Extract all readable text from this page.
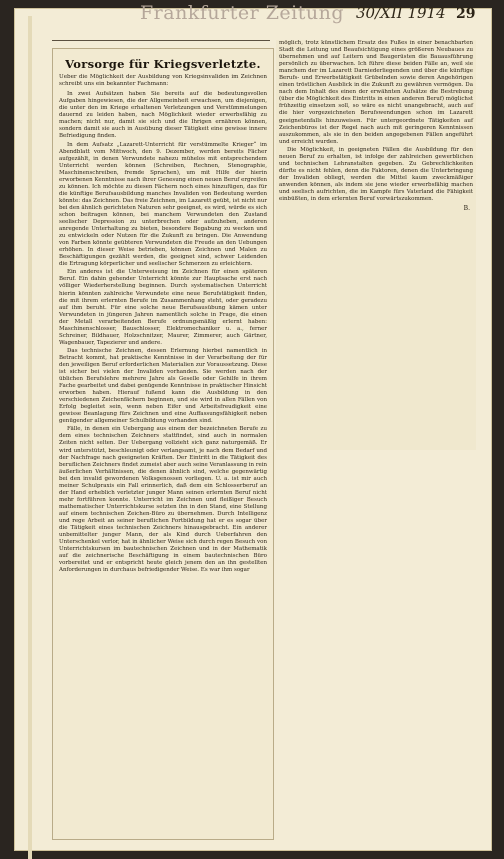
Frankfurter Zeitung 30/XII 1914 29
Vorsorge für Kriegsverletzte.
Ueber die Möglichkeit der Ausbildung von Kriegsinvaliden im Zeichnen schreibt uns ein bekannter Fachmann:

In zwei Aufsätzen haben Sie bereits auf die bedeutungsvollen Aufgaben hingewiesen, die der Allgemeinheit erwachsen, um diejenigen, die unter den im Kriege erhaltenen Verletzungen und Verstümmelungen dauernd zu leiden haben, nach Möglichkeit wieder erwerbsfähig zu machen; nicht nur, damit sie sich und die Ihrigen ernähren können, sondern damit sie auch in Ausübung dieser Tätigkeit eine gewisse innere Befriedigung finden.

In dem Aufsatz „Lazarett-Unterricht für verstümmelte Krieger“ im Abendblatt vom Mittwoch, den 9. Dezember, werden bereits Fächer aufgezählt, in denen Verwundete nahezu mühelos mit entsprechendem Unterricht werden können (Schreiben, Rechnen, Stenographie, Maschinenschreiben, fremde Sprachen), um mit Hilfe der hierin erworbenen Kenntnisse nach ihrer Genesung einen neuen Beruf ergreifen zu können. Ich möchte zu diesen Fächern noch eines hinzufügen, das für die künftige Berufsausbildung manches Invaliden von Bedeutung werden könnte: das Zeichnen. Das freie Zeichnen, im Lazarett geübt, ist nicht nur bei den ähnlich gerichteten Naturen sehr geeignet, es wird, würde es sich schon beitragen können, bei manchem Verwundeten den Zustand seelischer Depression zu unterbrechen oder aufzuheben, anderen anregende Unterhaltung zu bieten, besondere Begabung zu wecken und zu entwickeln oder Nutzen für die Zukunft zu bringen. Die Anwendung von Farben könnte geübteren Verwundeten die Freude an den Uebungen erhöhen. In dieser Weise betrieben, können Zeichnen und Malen zu Beschäftigungen gezählt werden, die geeignet sind, schwer Leidenden die Ertragung körperlicher und seelischer Schmerzen zu erleichtern.

Ein anderes ist die Unterweisung im Zeichnen für einen späteren Beruf. Ein dahin gehender Unterricht könnte zur Hauptsache erst nach völliger Wiederherstellung beginnen. Durch systematischen Unterricht hierin könnten zahlreiche Verwundete eine neue Berufstätigkeit finden, die mit ihrem erlernten Berufe im Zusammenhang steht, oder geradezu auf ihm beruht. Für eine solche neue Berufsausübung kämen unter Verwundeten in jüngeren Jahren namentlich solche in Frage, die einen der Metall verarbeitenden Berufe ordnungsmäßig erlernt haben: Maschinenschlosser, Bauschlosser, Elektromechaniker u. a., ferner Schreiner, Bildhauer, Holzschnitzer, Maurer, Zimmerer, auch Gärtner, Wagenbauer, Tapezierer und andere.

Das technische Zeichnen, dessen Erlernung hierbei namentlich in Betracht kommt, hat praktische Kenntnisse in der Verarbeitung der für den jeweiligen Beruf erforderlichen Materialien zur Voraussetzung. Diese ist sicher bei vielen der Invaliden vorhanden. Sie werden nach der üblichen Berufslehre mehrere Jahre als Geselle oder Gehilfe in ihrem Fache gearbeitet und dabei genügende Kenntnisse in praktischer Hinsicht erworben haben. Hierauf fußend kann die Ausbildung in den verschiedenen Zeichenfächern beginnen, und sie wird in allen Fällen von Erfolg begleitet sein, wenn neben Eifer und Arbeitsfreudigkeit eine gewisse Beanlagung fürs Zeichnen und eine Auffassungsfähigkeit neben genügender allgemeiner Schulbildung vorhanden sind.

Fälle, in denen ein Uebergang aus einem der bezeichneten Berufe zu dem eines technischen Zeichners stattfindet, sind auch in normalen Zeiten nicht selten. Der Uebergang vollzieht sich ganz naturgemäß. Er wird unterstützt, beschleunigt oder verlangsamt, je nach dem Bedarf und der Nachfrage nach geeigneten Kräften. Der Eintritt in die Tätigkeit des beruflichen Zeichners findet zumeist aber auch seine Veranlassung in rein äußerlichen Verhältnissen, die denen ähnlich sind, welche gegenwärtig bei den invalid gewordenen Volksgenossen vorliegen. U. a. ist mir auch meiner Schulpraxis ein Fall erinnerlich, daß dem ein Schlosserberuf an der Hand erheblich verletzter junger Mann seinen erlernten Beruf nicht mehr fortführen konnte. Unterricht im Zeichnen und fleißiger Besuch mathematischer Unterrichtskurse setzten ihn in den Stand, eine Stellung auf einem technischen Zeichen-Büro zu übernehmen. Durch Intelligenz und rege Arbeit an seiner beruflichen Fortbildung hat er es sogar über die Tätigkeit eines technischen Zeichners hinausgebracht. Ein anderer unbemittelter junger Mann, der als Kind durch Ueberfahren den Unterschenkel verlor, hat in ähnlicher Weise sich durch regen Besuch von Unterrichtskursen im bautechnischen Zeichnen und in der Mathematik auf die zeichnerische Beschäftigung in einem bautechnischen Büro vorbereitet und er entspricht heute gleich jenem den an ihn gestellten Anforderungen in durchaus befriedigender Weise. Es war ihm sogar

möglich, trotz künstlichem Ersatz des Fußes in einer benachbarten Stadt die Leitung und Beaufsichtigung eines größeren Neubaues zu übernehmen und auf Leitern und Baugerüsten die Bauausführung persönlich zu überwachen. Ich führe diese beiden Fälle an, weil sie manchem der im Lazarett Darniederliegenden und über die künftige Berufs- und Erwerbstätigkeit Grübelnden sowie deren Angehörigen einen tröstlichen Ausblick in die Zukunft zu gewähren vermögen. Da nach dem Inhalt des einen der erwähnten Aufsätze die Bestrebung (über die Möglichkeit des Eintritts in einen anderen Beruf) möglichst frühzeitig einsetzen soll, so wäre es nicht unangebracht, auch auf die hier vorgezeichneten Berufswendungen schon im Lazarett geeignetenfalls hinzuweisen. Für untergeordnete Tätigkeiten auf Zeichenbüros ist der Regel nach auch mit geringeren Kenntnissen auszukommen, als sie in den beiden angegebenen Fällen angeführt und erreicht wurden.

Die Möglichkeit, in geeigneten Fällen die Ausbildung für den neuen Beruf zu erhalten, ist infolge der zahlreichen gewerblichen und technischen Lehranstalten gegeben. Zu Gebrechlichkeiten dürfte es nicht fehlen, denn die Faktoren, denen die Unterbringung der Invaliden obliegt, werden die Mittel kaum zweckmäßiger anwenden können, als indem sie jene wieder erwerbsfähig machen und seelisch aufrichten, die im Kampfe fürs Vaterland die Fähigkeit einbüßten, in dem erlernten Beruf vorwärtszukommen.

B.
